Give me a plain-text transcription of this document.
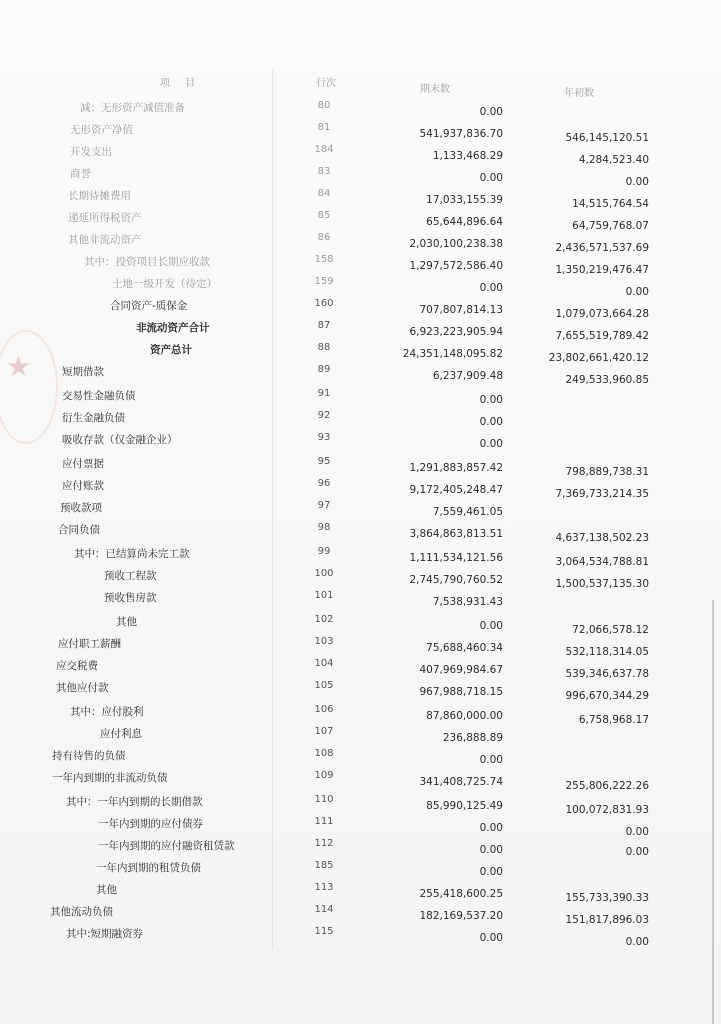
★
项 目	行次
期末数	年初数
减：无形资产减值准备	80
0.00
无形资产净值	81
541,937,836.70	546,145,120.51
开发支出	184
1,133,468.29	4,284,523.40
商誉	83
0.00	0.00
长期待摊费用	84
17,033,155.39	14,515,764.54
递延所得税资产	85
65,644,896.64	64,759,768.07
其他非流动资产	86
2,030,100,238.38	2,436,571,537.69
其中：投资项目长期应收款	158
1,297,572,586.40	1,350,219,476.47
土地一级开发（待定）	159
0.00	0.00
合同资产-质保金	160
707,807,814.13	1,079,073,664.28
非流动资产合计	87
6,923,223,905.94	7,655,519,789.42
资产总计	88
24,351,148,095.82	23,802,661,420.12
短期借款	89
6,237,909.48	249,533,960.85
交易性金融负债	91
0.00
衍生金融负债	92
0.00
吸收存款（仅金融企业）	93
0.00
应付票据	95
1,291,883,857.42	798,889,738.31
应付账款	96
9,172,405,248.47	7,369,733,214.35
预收款项	97
7,559,461.05
合同负债	98
3,864,863,813.51	4,637,138,502.23
其中：已结算尚未完工款	99
1,111,534,121.56	3,064,534,788.81
预收工程款	100
2,745,790,760.52	1,500,537,135.30
预收售房款	101
7,538,931.43
其他	102
0.00	72,066,578.12
应付职工薪酬	103
75,688,460.34	532,118,314.05
应交税费	104
407,969,984.67	539,346,637.78
其他应付款	105
967,988,718.15	996,670,344.29
其中：应付股利	106
87,860,000.00	6,758,968.17
应付利息	107
236,888.89
持有待售的负债	108
0.00
一年内到期的非流动负债	109
341,408,725.74	255,806,222.26
其中：一年内到期的长期借款	110
85,990,125.49	100,072,831.93
一年内到期的应付债券	111
0.00	0.00
一年内到期的应付融资租赁款	112
0.00	0.00
一年内到期的租赁负债	185
0.00
其他	113
255,418,600.25	155,733,390.33
其他流动负债	114
182,169,537.20	151,817,896.03
其中:短期融资券	115
0.00	0.00
